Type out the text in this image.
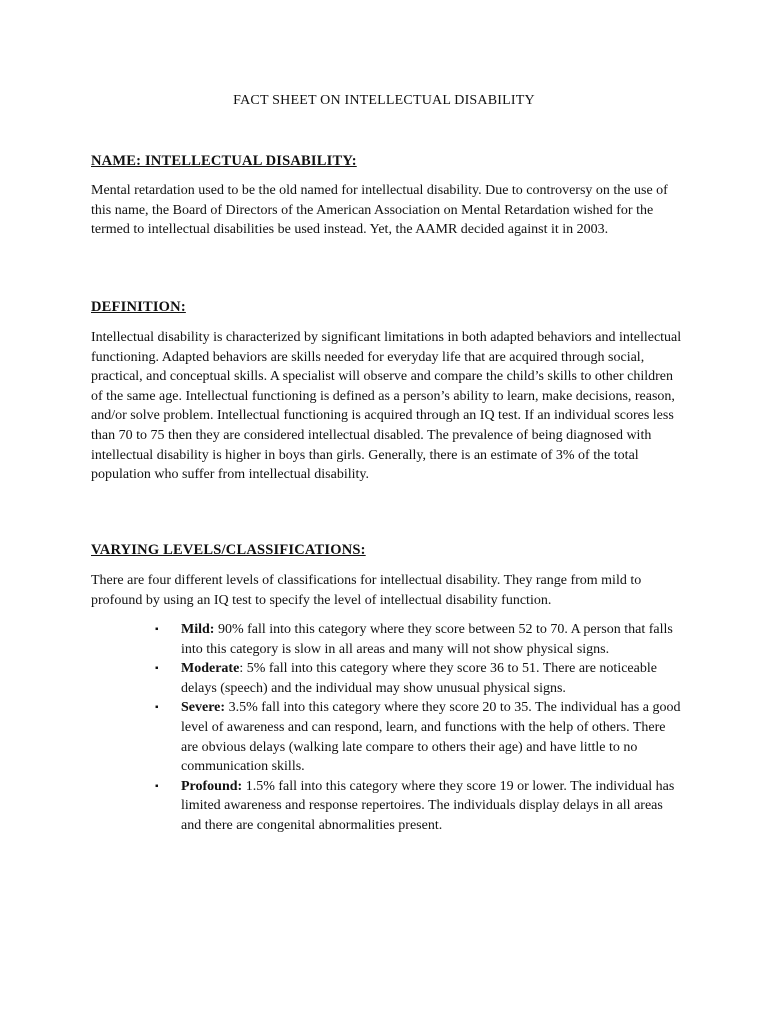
FACT SHEET ON INTELLECTUAL DISABILITY
NAME: INTELLECTUAL DISABILITY:
Mental retardation used to be the old named for intellectual disability. Due to controversy on the use of this name, the Board of Directors of the American Association on Mental Retardation wished for the termed to intellectual disabilities be used instead. Yet, the AAMR decided against it in 2003.
DEFINITION:
Intellectual disability is characterized by significant limitations in both adapted behaviors and intellectual functioning. Adapted behaviors are skills needed for everyday life that are acquired through social, practical, and conceptual skills. A specialist will observe and compare the child’s skills to other children of the same age. Intellectual functioning is defined as a person’s ability to learn, make decisions, reason, and/or solve problem. Intellectual functioning is acquired through an IQ test. If an individual scores less than 70 to 75 then they are considered intellectual disabled. The prevalence of being diagnosed with intellectual disability is higher in boys than girls. Generally, there is an estimate of 3% of the total population who suffer from intellectual disability.
VARYING LEVELS/CLASSIFICATIONS:
There are four different levels of classifications for intellectual disability. They range from mild to profound by using an IQ test to specify the level of intellectual disability function.
▪ Mild: 90% fall into this category where they score between 52 to 70. A person that falls into this category is slow in all areas and many will not show physical signs.
▪ Moderate: 5% fall into this category where they score 36 to 51. There are noticeable delays (speech) and the individual may show unusual physical signs.
▪ Severe: 3.5% fall into this category where they score 20 to 35. The individual has a good level of awareness and can respond, learn, and functions with the help of others. There are obvious delays (walking late compare to others their age) and have little to no communication skills.
▪ Profound: 1.5% fall into this category where they score 19 or lower. The individual has limited awareness and response repertoires. The individuals display delays in all areas and there are congenital abnormalities present.
